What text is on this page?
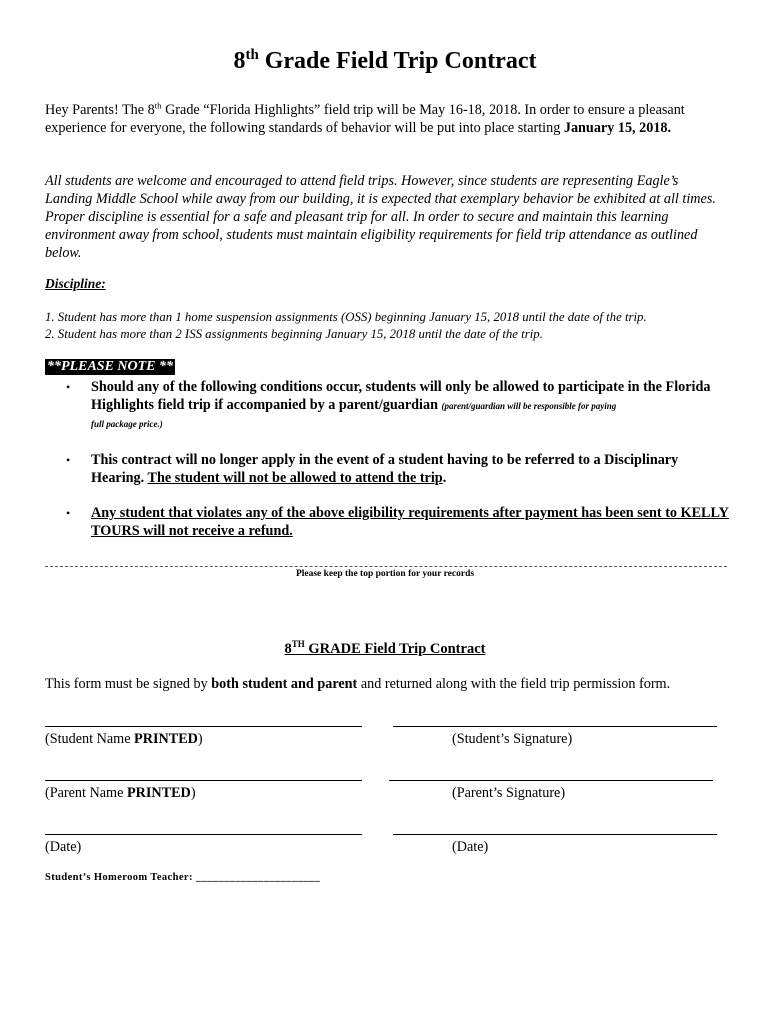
8th Grade Field Trip Contract
Hey Parents! The 8th Grade “Florida Highlights” field trip will be May 16-18, 2018. In order to ensure a pleasant experience for everyone, the following standards of behavior will be put into place starting January 15, 2018.
All students are welcome and encouraged to attend field trips. However, since students are representing Eagle’s Landing Middle School while away from our building, it is expected that exemplary behavior be exhibited at all times. Proper discipline is essential for a safe and pleasant trip for all. In order to secure and maintain this learning environment away from school, students must maintain eligibility requirements for field trip attendance as outlined below.
Discipline:
1. Student has more than 1 home suspension assignments (OSS) beginning January 15, 2018 until the date of the trip.
2. Student has more than 2 ISS assignments beginning January 15, 2018 until the date of the trip.
**PLEASE NOTE **
• Should any of the following conditions occur, students will only be allowed to participate in the Florida Highlights field trip if accompanied by a parent/guardian (parent/guardian will be responsible for paying
full package price.)
• This contract will no longer apply in the event of a student having to be referred to a Disciplinary Hearing. The student will not be allowed to attend the trip.
• Any student that violates any of the above eligibility requirements after payment has been sent to KELLY TOURS will not receive a refund.
Please keep the top portion for your records
8TH GRADE Field Trip Contract
This form must be signed by both student and parent and returned along with the field trip permission form.
(Student Name PRINTED)	(Student’s Signature)
(Parent Name PRINTED)	(Parent’s Signature)
(Date)	(Date)
Student’s Homeroom Teacher: ______________________
